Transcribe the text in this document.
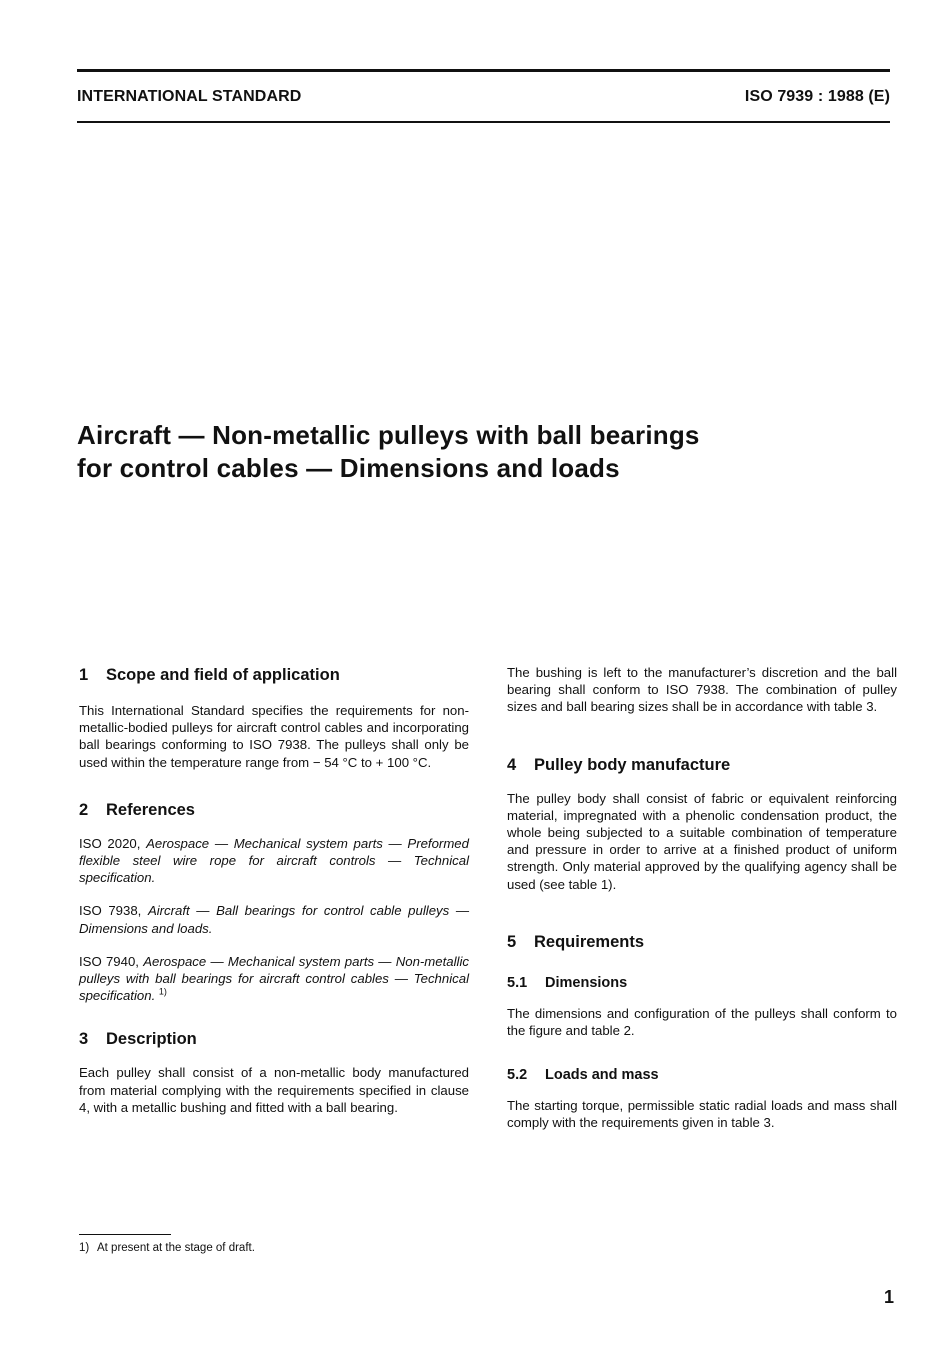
INTERNATIONAL STANDARD	ISO 7939 : 1988 (E)
Aircraft — Non-metallic pulleys with ball bearings
for control cables — Dimensions and loads
1 Scope and field of application

This International Standard specifies the requirements for non-metallic-bodied pulleys for aircraft control cables and incorporating ball bearings conforming to ISO 7938. The pulleys shall only be used within the temperature range from − 54 °C to + 100 °C.

2 References

ISO 2020, Aerospace — Mechanical system parts — Preformed flexible steel wire rope for aircraft controls — Technical specification.

ISO 7938, Aircraft — Ball bearings for control cable pulleys — Dimensions and loads.

ISO 7940, Aerospace — Mechanical system parts — Non-metallic pulleys with ball bearings for aircraft control cables — Technical specification. $^{1)}$

3 Description

Each pulley shall consist of a non-metallic body manufactured from material complying with the requirements specified in clause 4, with a metallic bushing and fitted with a ball bearing.

The bushing is left to the manufacturer’s discretion and the ball bearing shall conform to ISO 7938. The combination of pulley sizes and ball bearing sizes shall be in accordance with table 3.

4 Pulley body manufacture

The pulley body shall consist of fabric or equivalent reinforcing material, impregnated with a phenolic condensation product, the whole being subjected to a suitable combination of temperature and pressure in order to arrive at a finished product of uniform strength. Only material approved by the qualifying agency shall be used (see table 1).

5 Requirements
5.1 Dimensions

The dimensions and configuration of the pulleys shall conform to the figure and table 2.

5.2 Loads and mass

The starting torque, permissible static radial loads and mass shall comply with the requirements given in table 3.

1) At present at the stage of draft.
1
